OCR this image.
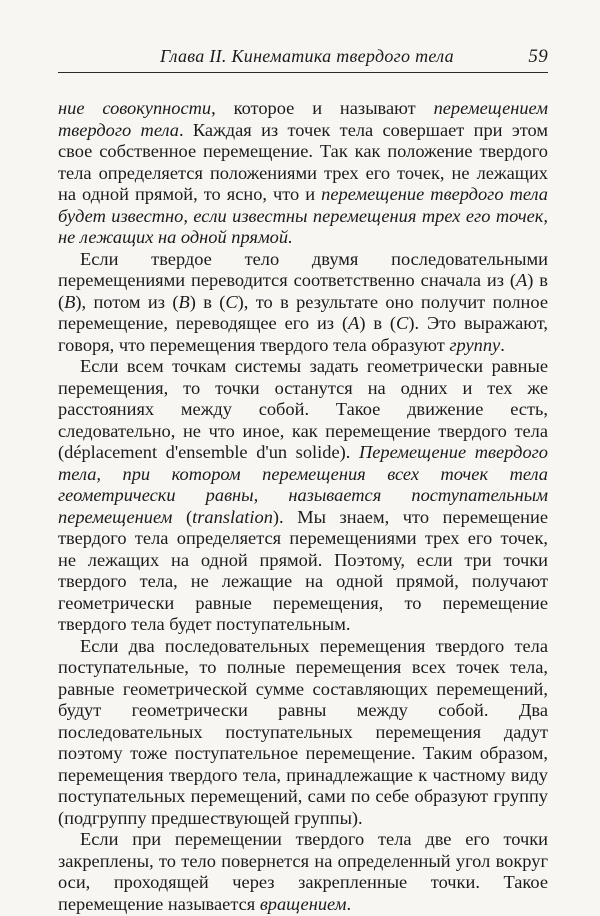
Глава II. Кинематика твердого тела	59

ние совокупности, которое и называют перемещением твердого тела. Каждая из точек тела совершает при этом свое собственное перемещение. Так как положение твердого тела определяется положениями трех его точек, не лежащих на одной прямой, то ясно, что и перемещение твердого тела будет известно, если известны перемещения трех его точек, не лежащих на одной прямой.

Если твердое тело двумя последовательными перемещениями переводится соответственно сначала из (A) в (B), потом из (B) в (C), то в результате оно получит полное перемещение, переводящее его из (A) в (C). Это выражают, говоря, что перемещения твердого тела образуют группу.

Если всем точкам системы задать геометрически равные перемещения, то точки останутся на одних и тех же расстояниях между собой. Такое движение есть, следовательно, не что иное, как перемещение твердого тела (déplacement d'ensemble d'un solide). Перемещение твердого тела, при котором перемещения всех точек тела геометрически равны, называется поступательным перемещением (translation). Мы знаем, что перемещение твердого тела определяется перемещениями трех его точек, не лежащих на одной прямой. Поэтому, если три точки твердого тела, не лежащие на одной прямой, получают геометрически равные перемещения, то перемещение твердого тела будет поступательным.

Если два последовательных перемещения твердого тела поступательные, то полные перемещения всех точек тела, равные геометрической сумме составляющих перемещений, будут геометрически равны между собой. Два последовательных поступательных перемещения дадут поэтому тоже поступательное перемещение. Таким образом, перемещения твердого тела, принадлежащие к частному виду поступательных перемещений, сами по себе образуют группу (подгруппу предшествующей группы).

Если при перемещении твердого тела две его точки закреплены, то тело повернется на определенный угол вокруг оси, проходящей через закрепленные точки. Такое перемещение называется вращением.
